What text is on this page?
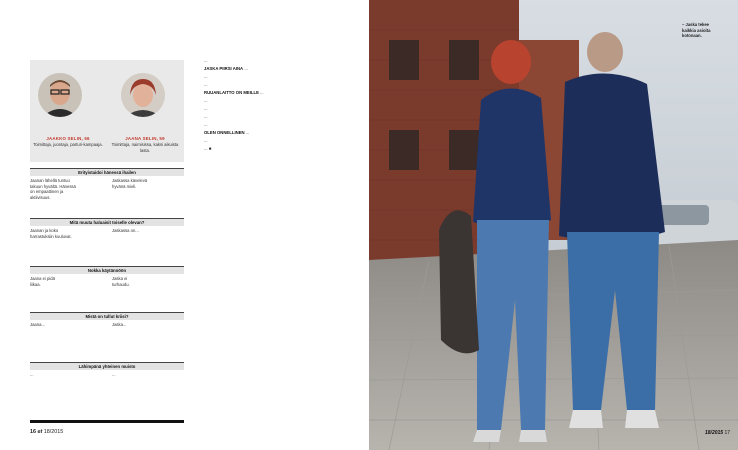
JAAKKO SELIN, 56
Toimittaja, juontaja, parturi-kampaaja.
JAANA SELIN, 59
Toimittaja, naimisissa, kaksi aikuista lasta.
Erityistaidoi hänessä ihailen
Jaanan lähellä tuntuu
takuun hyvältä. Hänessä
on empaattinen ja
aktiivisuus.
Jaskassa kävelevä
hyvänä mieli.
Mitä muuta haluaisit toiselle olevan?
Jaanan ja koko
harrastuksiin kuuluvat.
Jaskassa on...
Nokka käytännöön
Jaana ei pidä
liikaa.
Jaska ei
turhaudu.
Mistä on tullut kriisi?
Jaana...	Jaska...
Lähimpänä yhteinen muisto
...	...
16 et 18/2015

...

JASKA PIIRSI AINA ...

...

...

RUUANLAITTO ON MEILLE ...

...

...

...

...

OLEN ONNELLINEN ...

...

... ■

– Jaska tekee
kaikkia asioita
kotonaan.
18/2015 17
